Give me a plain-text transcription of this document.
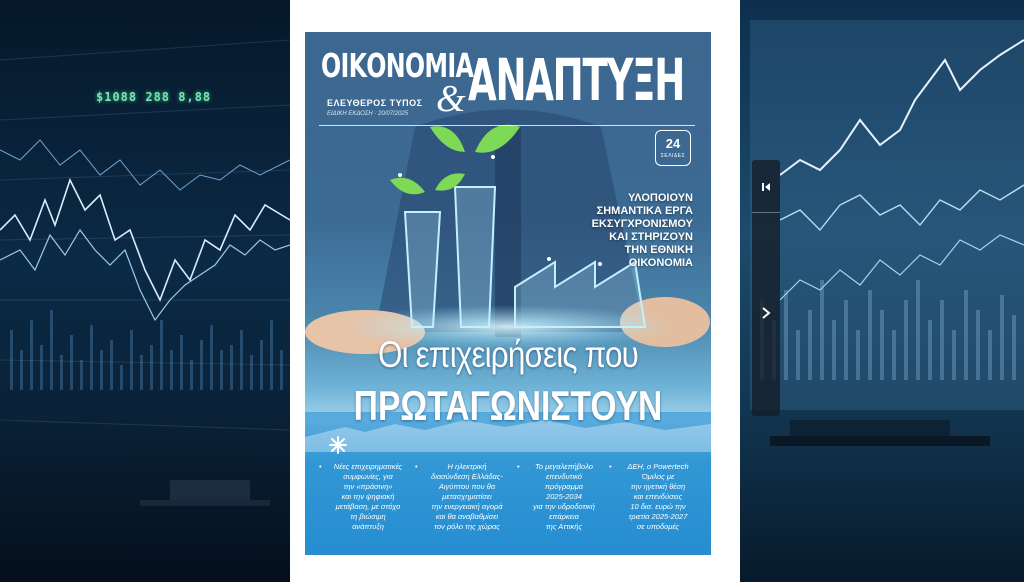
$1088 288 8,88
ΟΙΚΟΝΟΜΙΑ
& ΑΝΑΠΤΥΞΗ
ΕΛΕΥΘΕΡΟΣ ΤΥΠΟΣ
ΕΙΔΙΚΗ ΕΚΔΟΣΗ · 20/07/2025
24
ΣΕΛΙΔΕΣ
ΥΛΟΠΟΙΟΥΝ
ΣΗΜΑΝΤΙΚΑ ΕΡΓΑ
ΕΚΣΥΓΧΡΟΝΙΣΜΟΥ
ΚΑΙ ΣΤΗΡΙΖΟΥΝ
ΤΗΝ ΕΘΝΙΚΗ
ΟΙΚΟΝΟΜΙΑ
Οι επιχειρήσεις που
ΠΡΩΤΑΓΩΝΙΣΤΟΥΝ
• Νέες επιχειρηματικές
συμφωνίες, για
την «πράσινη»
και την ψηφιακή
μετάβαση, με στόχο
τη βιώσιμη
ανάπτυξη
• Η ηλεκτρική
διασύνδεση Ελλάδας-
Αιγύπτου που θα
μετασχηματίσει
την ενεργειακή αγορά
και θα αναβαθμίσει
τον ρόλο της χώρας
• Το μεγαλεπήβολο
επενδυτικό
πρόγραμμα
2025-2034
για την υδροδοτική
επάρκεια
της Αττικής
• ΔΕΗ, ο Powertech
Όμιλος με
την ηγετική θέση
και επενδύσεις
10 δισ. ευρώ την
τριετία 2025-2027
σε υποδομές
